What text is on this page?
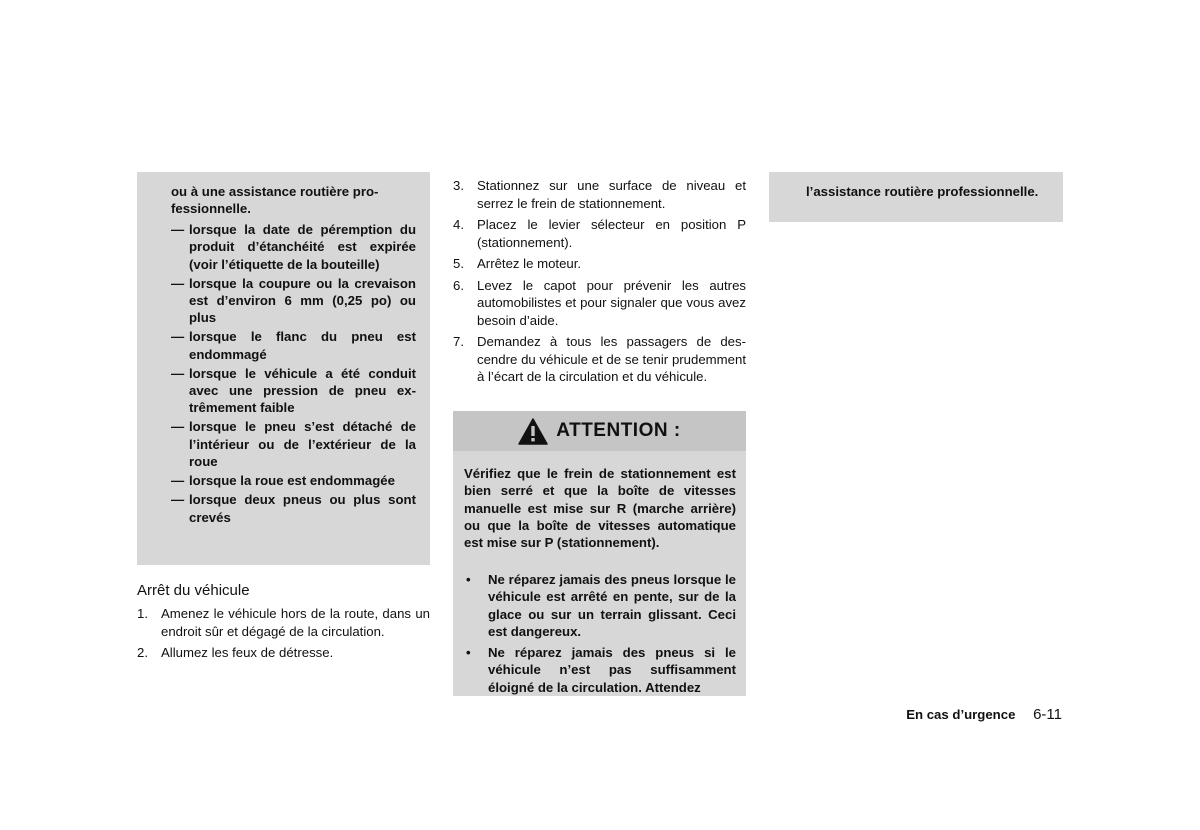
ou à une assistance routière professionnelle.

— lorsque la date de péremption du produit d’étanchéité est expirée (voir l’étiquette de la bouteille)
— lorsque la coupure ou la crevaison est d’environ 6 mm (0,25 po) ou plus
— lorsque le flanc du pneu est endommagé
— lorsque le véhicule a été conduit avec une pression de pneu extrêmement faible
— lorsque le pneu s’est détaché de l’intérieur ou de l’extérieur de la roue
— lorsque la roue est endommagée
— lorsque deux pneus ou plus sont crevés
Arrêt du véhicule
1. Amenez le véhicule hors de la route, dans un endroit sûr et dégagé de la circulation.
2. Allumez les feux de détresse.
3. Stationnez sur une surface de niveau et serrez le frein de stationnement.
4. Placez le levier sélecteur en position P (stationnement).
5. Arrêtez le moteur.
6. Levez le capot pour prévenir les autres automobilistes et pour signaler que vous avez besoin d’aide.
7. Demandez à tous les passagers de descendre du véhicule et de se tenir prudemment à l’écart de la circulation et du véhicule.
ATTENTION :

Vérifiez que le frein de stationnement est bien serré et que la boîte de vitesses manuelle est mise sur R (marche arrière) ou que la boîte de vitesses automatique est mise sur P (stationnement).

• Ne réparez jamais des pneus lorsque le véhicule est arrêté en pente, sur de la glace ou sur un terrain glissant. Ceci est dangereux.
• Ne réparez jamais des pneus si le véhicule n’est pas suffisamment éloigné de la circulation. Attendez

l’assistance routière professionnelle.

En cas d’urgence 6-11
